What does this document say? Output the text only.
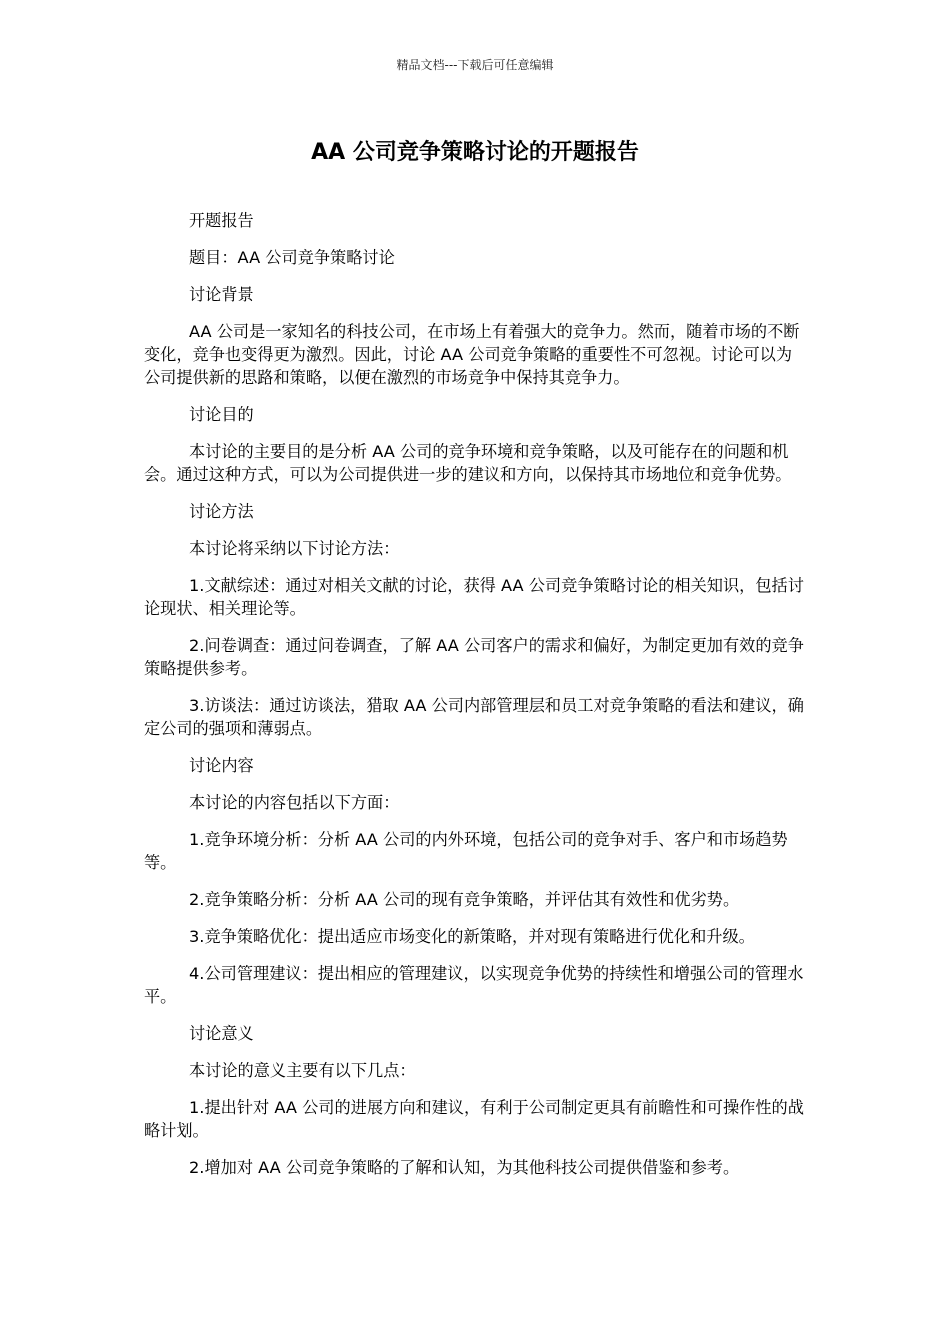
精品文档---下载后可任意编辑
AA 公司竞争策略讨论的开题报告

开题报告

题目：AA 公司竞争策略讨论

讨论背景

AA 公司是一家知名的科技公司，在市场上有着强大的竞争力。然而，随着市场的不断变化，竞争也变得更为激烈。因此，讨论 AA 公司竞争策略的重要性不可忽视。讨论可以为公司提供新的思路和策略，以便在激烈的市场竞争中保持其竞争力。

讨论目的

本讨论的主要目的是分析 AA 公司的竞争环境和竞争策略，以及可能存在的问题和机会。通过这种方式，可以为公司提供进一步的建议和方向，以保持其市场地位和竞争优势。

讨论方法

本讨论将采纳以下讨论方法：

1.文献综述：通过对相关文献的讨论，获得 AA 公司竞争策略讨论的相关知识，包括讨论现状、相关理论等。

2.问卷调查：通过问卷调查，了解 AA 公司客户的需求和偏好，为制定更加有效的竞争策略提供参考。

3.访谈法：通过访谈法，猎取 AA 公司内部管理层和员工对竞争策略的看法和建议，确定公司的强项和薄弱点。

讨论内容

本讨论的内容包括以下方面：

1.竞争环境分析：分析 AA 公司的内外环境，包括公司的竞争对手、客户和市场趋势等。

2.竞争策略分析：分析 AA 公司的现有竞争策略，并评估其有效性和优劣势。

3.竞争策略优化：提出适应市场变化的新策略，并对现有策略进行优化和升级。

4.公司管理建议：提出相应的管理建议，以实现竞争优势的持续性和增强公司的管理水平。

讨论意义

本讨论的意义主要有以下几点：

1.提出针对 AA 公司的进展方向和建议，有利于公司制定更具有前瞻性和可操作性的战略计划。

2.增加对 AA 公司竞争策略的了解和认知，为其他科技公司提供借鉴和参考。
